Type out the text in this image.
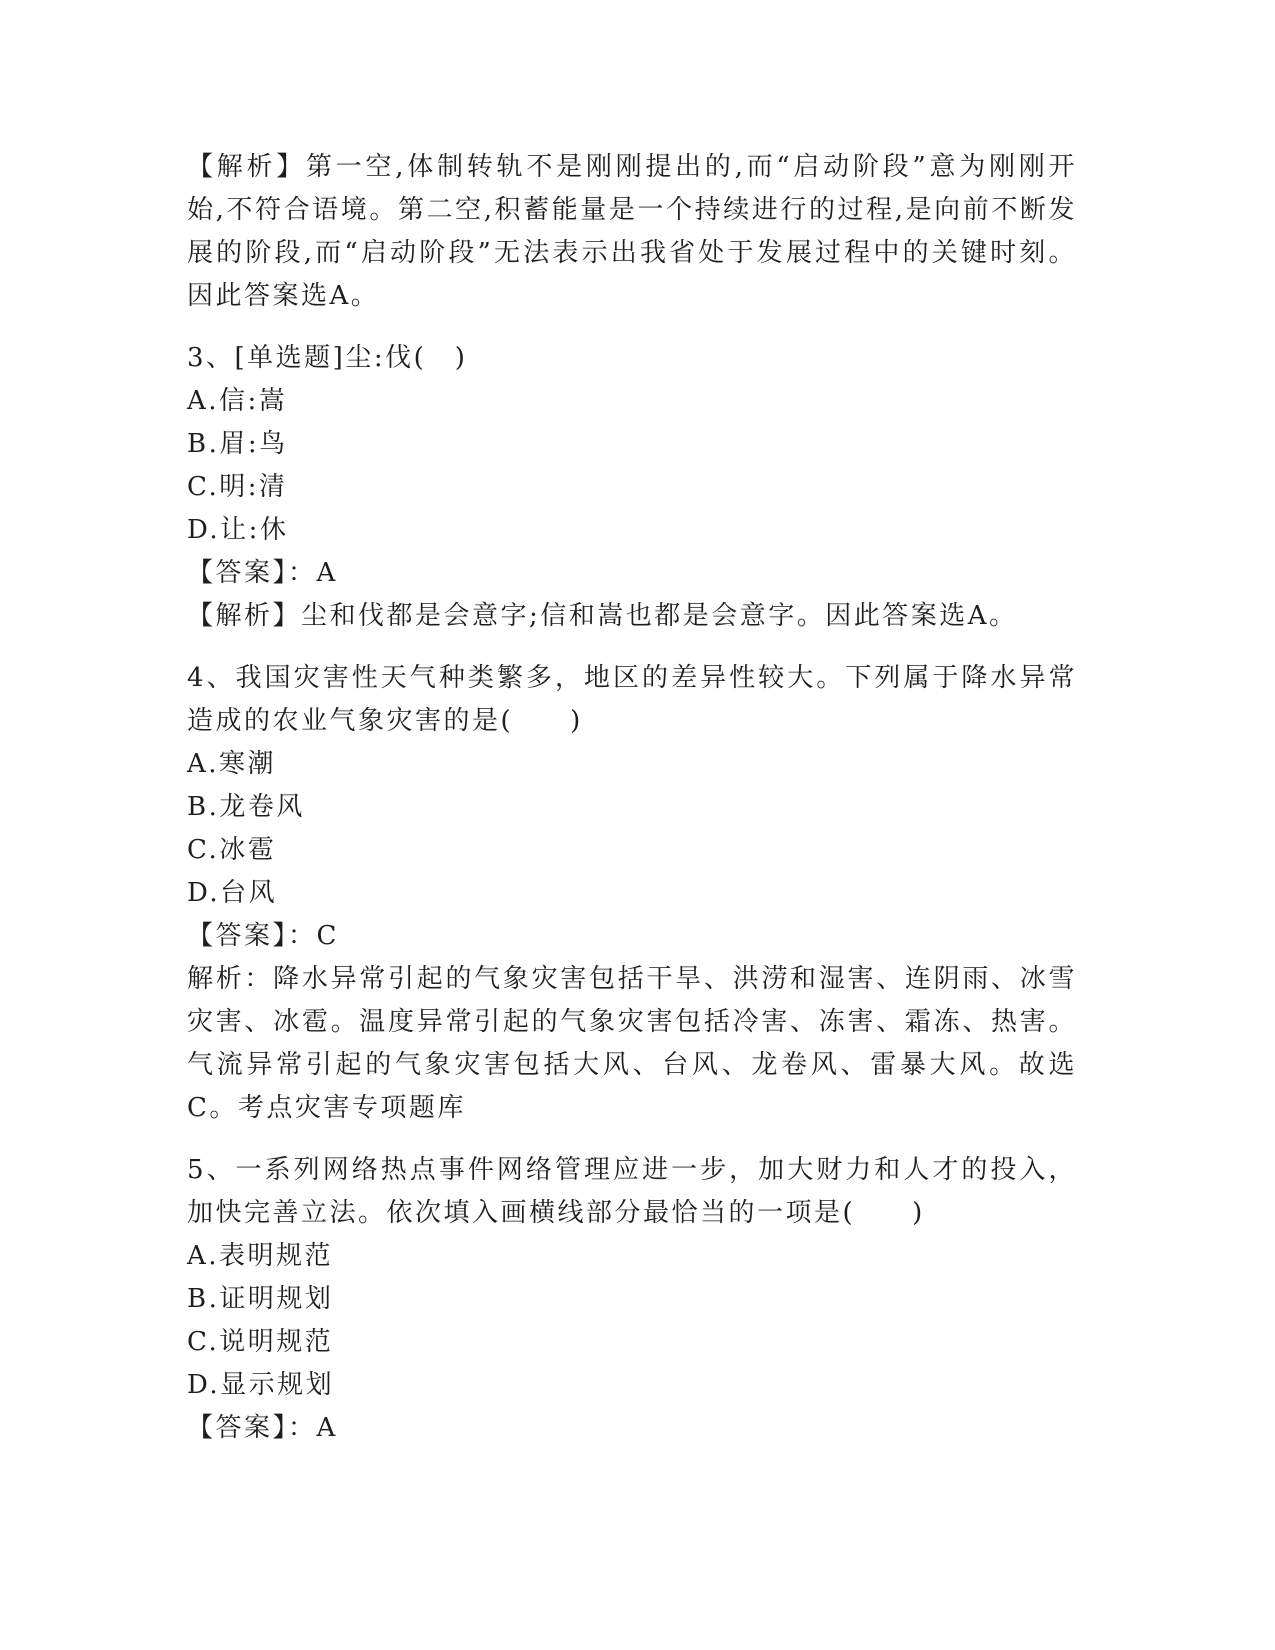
【解析】第一空,体制转轨不是刚刚提出的,而“启动阶段”意为刚刚开始,不符合语境。第二空,积蓄能量是一个持续进行的过程,是向前不断发展的阶段,而“启动阶段”无法表示出我省处于发展过程中的关键时刻。因此答案选A。
3、[单选题]尘:伐(　)
A.信:嵩
B.眉:鸟
C.明:清
D.让:休
【答案】：A
【解析】尘和伐都是会意字;信和嵩也都是会意字。因此答案选A。
4、我国灾害性天气种类繁多，地区的差异性较大。下列属于降水异常造成的农业气象灾害的是(　　)
A.寒潮
B.龙卷风
C.冰雹
D.台风
【答案】：C
解析：降水异常引起的气象灾害包括干旱、洪涝和湿害、连阴雨、冰雪灾害、冰雹。温度异常引起的气象灾害包括冷害、冻害、霜冻、热害。气流异常引起的气象灾害包括大风、台风、龙卷风、雷暴大风。故选C。考点灾害专项题库
5、一系列网络热点事件网络管理应进一步，加大财力和人才的投入，加快完善立法。依次填入画横线部分最恰当的一项是(　　)
A.表明规范
B.证明规划
C.说明规范
D.显示规划
【答案】：A
